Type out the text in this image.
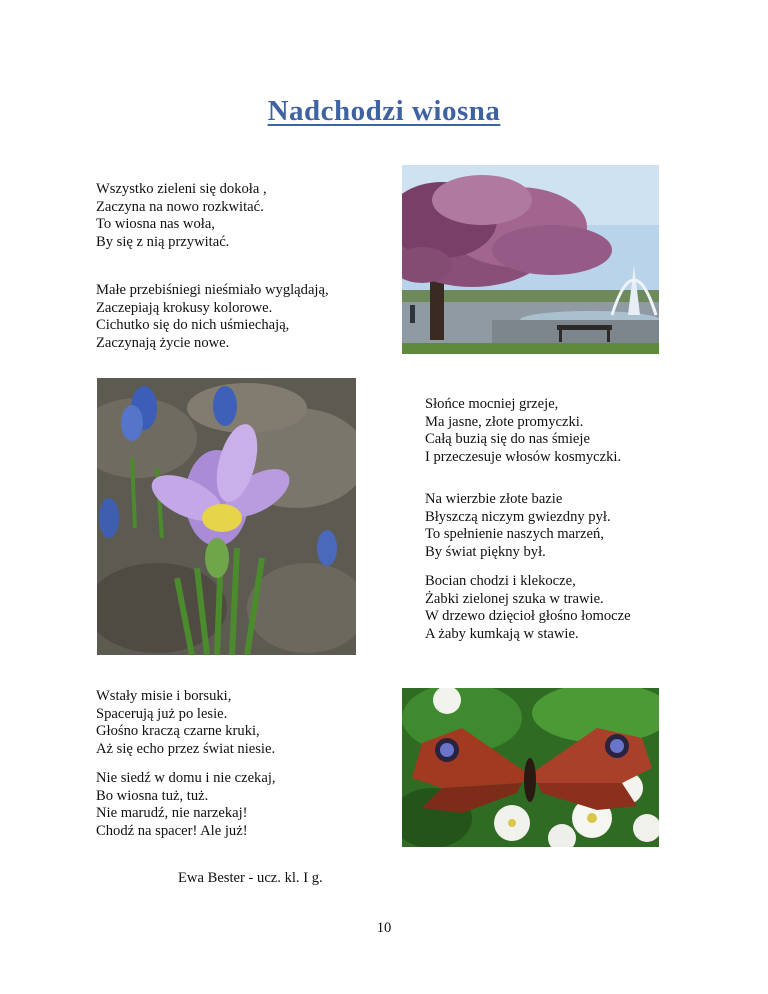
Nadchodzi wiosna
Wszystko zieleni się dokoła ,
Zaczyna na nowo rozkwitać.
To wiosna nas woła,
By się z nią przywitać.
Małe przebiśniegi nieśmiało wyglądają,
Zaczepiają krokusy kolorowe.
Cichutko się do nich uśmiechają,
Zaczynają życie nowe.
Słońce mocniej grzeje,
Ma jasne, złote promyczki.
Całą buzią się do nas śmieje
I przeczesuje włosów kosmyczki.
Na wierzbie złote bazie
Błyszczą niczym gwiezdny pył.
To spełnienie naszych marzeń,
By świat piękny był.
Bocian chodzi i klekocze,
Żabki zielonej szuka w trawie.
W drzewo dzięcioł głośno łomocze
A żaby kumkają w stawie.
Wstały misie i borsuki,
Spacerują już po lesie.
Głośno kraczą czarne kruki,
Aż się echo przez świat niesie.
Nie siedź w domu i nie czekaj,
Bo wiosna tuż, tuż.
Nie marudź, nie narzekaj!
Chodź na spacer! Ale już!
Ewa Bester - ucz. kl. I g.
10
